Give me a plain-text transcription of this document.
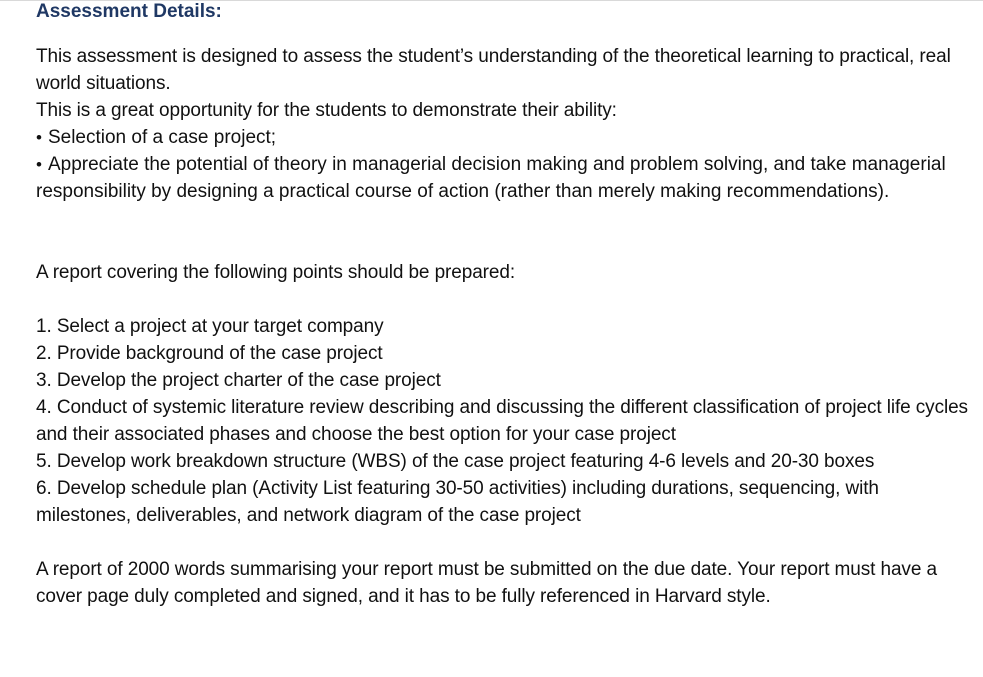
Assessment Details:

This assessment is designed to assess the student’s understanding of the theoretical learning to practical, real world situations.

This is a great opportunity for the students to demonstrate their ability:

• Selection of a case project;
• Appreciate the potential of theory in managerial decision making and problem solving, and take managerial responsibility by designing a practical course of action (rather than merely making recommendations).

A report covering the following points should be prepared:

1. Select a project at your target company

2. Provide background of the case project

3. Develop the project charter of the case project

4. Conduct of systemic literature review describing and discussing the different classification of project life cycles and their associated phases and choose the best option for your case project

5. Develop work breakdown structure (WBS) of the case project featuring 4-6 levels and 20-30 boxes

6. Develop schedule plan (Activity List featuring 30-50 activities) including durations, sequencing, with milestones, deliverables, and network diagram of the case project

A report of 2000 words summarising your report must be submitted on the due date. Your report must have a cover page duly completed and signed, and it has to be fully referenced in Harvard style.
